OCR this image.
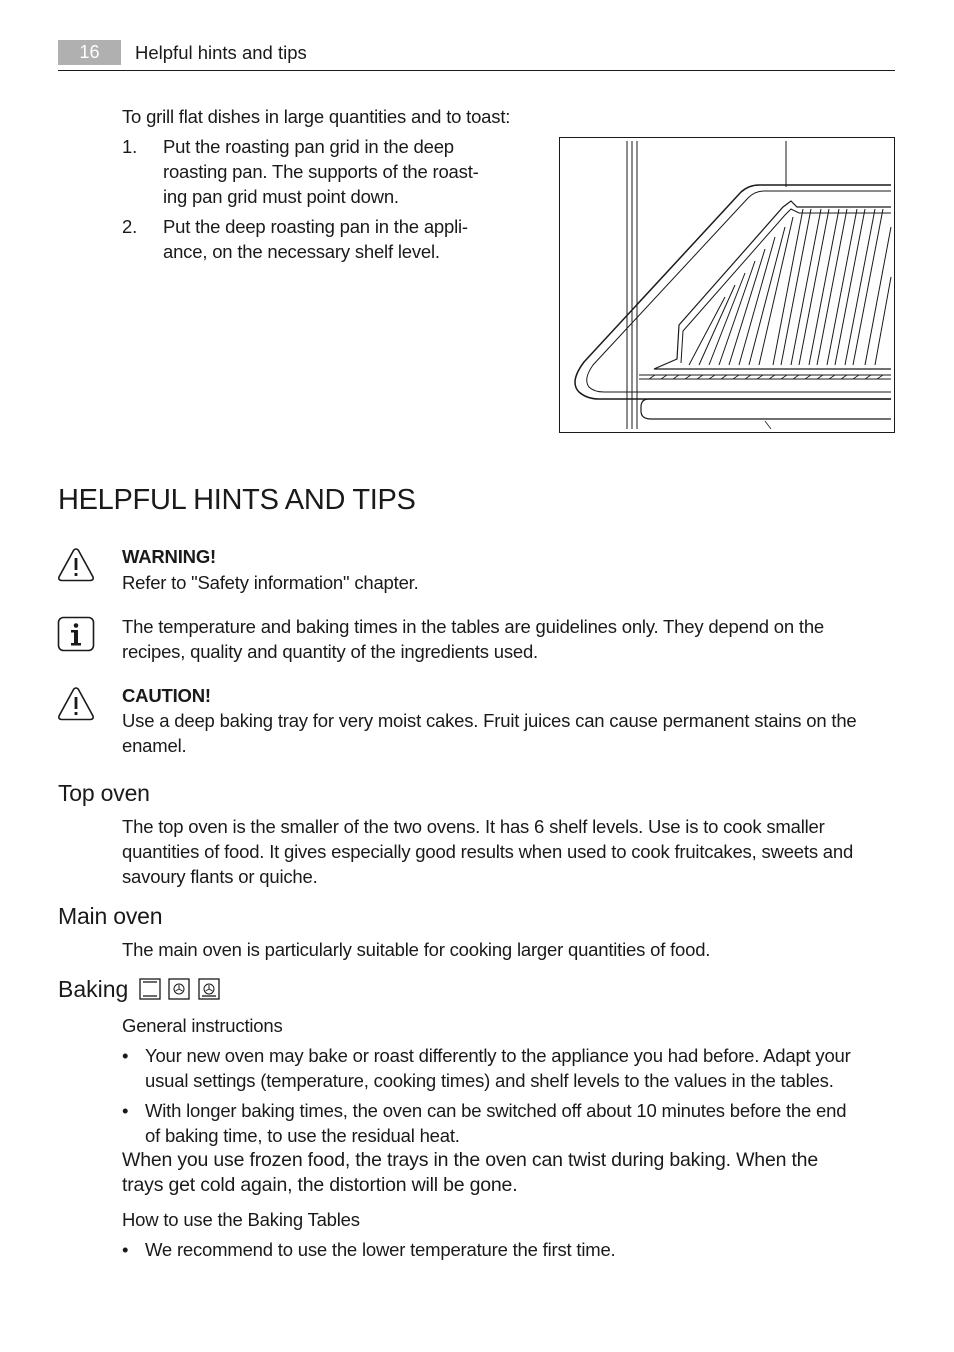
16	Helpful hints and tips
To grill flat dishes in large quantities and to toast:
1.	Put the roasting pan grid in the deep
roasting pan. The supports of the roast-
ing pan grid must point down.
2.	Put the deep roasting pan in the appli-
ance, on the necessary shelf level.
HELPFUL HINTS AND TIPS
WARNING!
Refer to "Safety information" chapter.
The temperature and baking times in the tables are guidelines only. They depend on the
recipes, quality and quantity of the ingredients used.
CAUTION!
Use a deep baking tray for very moist cakes. Fruit juices can cause permanent stains on the
enamel.
Top oven
The top oven is the smaller of the two ovens. It has 6 shelf levels. Use is to cook smaller
quantities of food. It gives especially good results when used to cook fruitcakes, sweets and
savoury flants or quiche.
Main oven
The main oven is particularly suitable for cooking larger quantities of food.
Baking
General instructions
• Your new oven may bake or roast differently to the appliance you had before. Adapt your
usual settings (temperature, cooking times) and shelf levels to the values in the tables.
• With longer baking times, the oven can be switched off about 10 minutes before the end
of baking time, to use the residual heat.
When you use frozen food, the trays in the oven can twist during baking. When the
trays get cold again, the distortion will be gone.
How to use the Baking Tables
• We recommend to use the lower temperature the first time.
